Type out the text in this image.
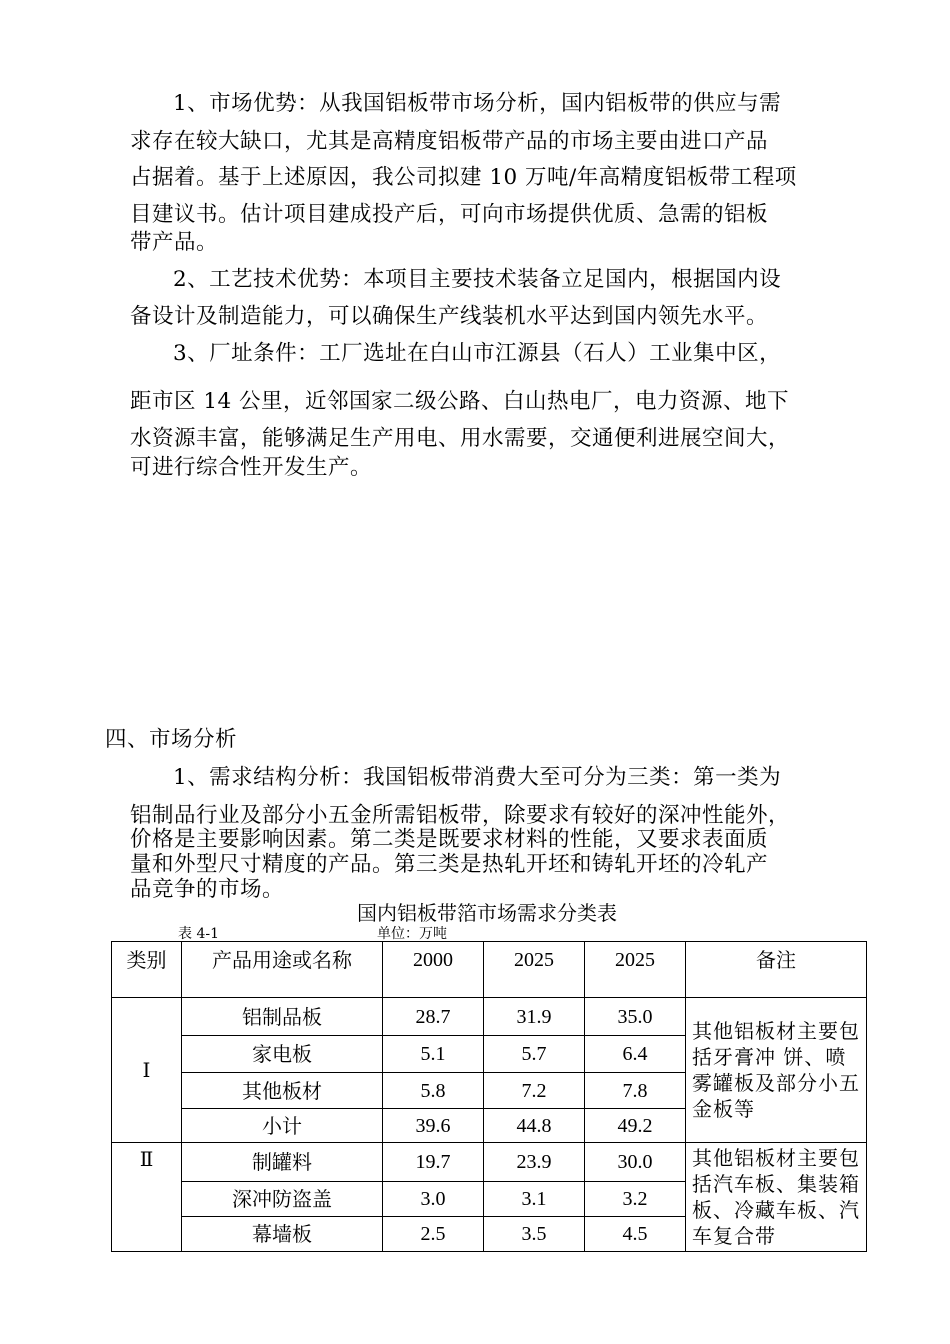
1、市场优势：从我国铝板带市场分析，国内铝板带的供应与需
求存在较大缺口，尤其是高精度铝板带产品的市场主要由进口产品
占据着。基于上述原因，我公司拟建 10 万吨/年高精度铝板带工程项
目建议书。估计项目建成投产后，可向市场提供优质、急需的铝板
带产品。
2、工艺技术优势：本项目主要技术装备立足国内，根据国内设
备设计及制造能力，可以确保生产线装机水平达到国内领先水平。
3、厂址条件：工厂选址在白山市江源县（石人）工业集中区，
距市区 14 公里，近邻国家二级公路、白山热电厂，电力资源、地下
水资源丰富，能够满足生产用电、用水需要，交通便利进展空间大，
可进行综合性开发生产。
四、市场分析
1、需求结构分析：我国铝板带消费大至可分为三类：第一类为
铝制品行业及部分小五金所需铝板带，除要求有较好的深冲性能外，
价格是主要影响因素。第二类是既要求材料的性能，又要求表面质
量和外型尺寸精度的产品。第三类是热轧开坯和铸轧开坯的冷轧产
品竞争的市场。
国内铝板带箔市场需求分类表
表 4-1	单位：万吨
类别	产品用途或名称	2000	2025	2025	备注
Ⅰ	铝制品板	28.7	31.9	35.0	其他铝板材主要包括牙膏冲 饼、喷雾罐板及部分小五金板等
	家电板	5.1	5.7	6.4	
	其他板材	5.8	7.2	7.8	
	小计	39.6	44.8	49.2	
Ⅱ	制罐料	19.7	23.9	30.0	其他铝板材主要包括汽车板、集装箱板、冷藏车板、汽车复合带
	深冲防盗盖	3.0	3.1	3.2	
	幕墙板	2.5	3.5	4.5	
